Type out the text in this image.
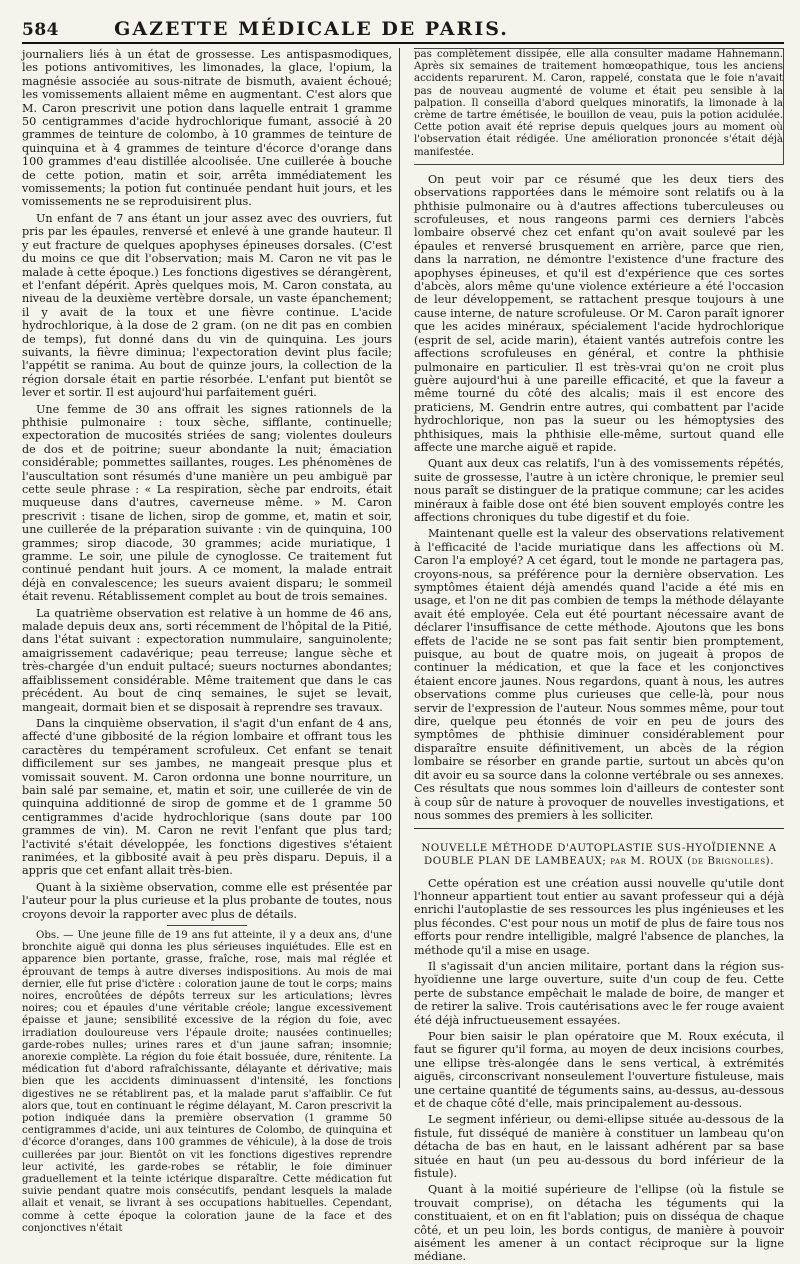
584	GAZETTE MÉDICALE DE PARIS.

journaliers liés à un état de grossesse. Les antispasmodiques, les potions antivomitives, les limonades, la glace, l'opium, la magnésie associée au sous-nitrate de bismuth, avaient échoué; les vomissements allaient même en augmentant. C'est alors que M. Caron prescrivit une potion dans laquelle entrait 1 gramme 50 centigrammes d'acide hydrochlorique fumant, associé à 20 grammes de teinture de colombo, à 10 grammes de teinture de quinquina et à 4 grammes de teinture d'écorce d'orange dans 100 grammes d'eau distillée alcoolisée. Une cuillerée à bouche de cette potion, matin et soir, arrêta immédiatement les vomissements; la potion fut continuée pendant huit jours, et les vomissements ne se reproduisirent plus.

Un enfant de 7 ans étant un jour assez avec des ouvriers, fut pris par les épaules, renversé et enlevé à une grande hauteur. Il y eut fracture de quelques apophyses épineuses dorsales. (C'est du moins ce que dit l'observation; mais M. Caron ne vit pas le malade à cette époque.) Les fonctions digestives se dérangèrent, et l'enfant dépérit. Après quelques mois, M. Caron constata, au niveau de la deuxième vertèbre dorsale, un vaste épanchement; il y avait de la toux et une fièvre continue. L'acide hydrochlorique, à la dose de 2 gram. (on ne dit pas en combien de temps), fut donné dans du vin de quinquina. Les jours suivants, la fièvre diminua; l'expectoration devint plus facile; l'appétit se ranima. Au bout de quinze jours, la collection de la région dorsale était en partie résorbée. L'enfant put bientôt se lever et sortir. Il est aujourd'hui parfaitement guéri.

Une femme de 30 ans offrait les signes rationnels de la phthisie pulmonaire : toux sèche, sifflante, continuelle; expectoration de mucosités striées de sang; violentes douleurs de dos et de poitrine; sueur abondante la nuit; émaciation considérable; pommettes saillantes, rouges. Les phénomènes de l'auscultation sont résumés d'une manière un peu ambiguë par cette seule phrase : « La respiration, sèche par endroits, était muqueuse dans d'autres, caverneuse même. » M. Caron prescrivit : tisane de lichen, sirop de gomme, et, matin et soir, une cuillerée de la préparation suivante : vin de quinquina, 100 grammes; sirop diacode, 30 grammes; acide muriatique, 1 gramme. Le soir, une pilule de cynoglosse. Ce traitement fut continué pendant huit jours. A ce moment, la malade entrait déjà en convalescence; les sueurs avaient disparu; le sommeil était revenu. Rétablissement complet au bout de trois semaines.

La quatrième observation est relative à un homme de 46 ans, malade depuis deux ans, sorti récemment de l'hôpital de la Pitié, dans l'état suivant : expectoration nummulaire, sanguinolente; amaigrissement cadavérique; peau terreuse; langue sèche et très-chargée d'un enduit pultacé; sueurs nocturnes abondantes; affaiblissement considérable. Même traitement que dans le cas précédent. Au bout de cinq semaines, le sujet se levait, mangeait, dormait bien et se disposait à reprendre ses travaux.

Dans la cinquième observation, il s'agit d'un enfant de 4 ans, affecté d'une gibbosité de la région lombaire et offrant tous les caractères du tempérament scrofuleux. Cet enfant se tenait difficilement sur ses jambes, ne mangeait presque plus et vomissait souvent. M. Caron ordonna une bonne nourriture, un bain salé par semaine, et, matin et soir, une cuillerée de vin de quinquina additionné de sirop de gomme et de 1 gramme 50 centigrammes d'acide hydrochlorique (sans doute par 100 grammes de vin). M. Caron ne revit l'enfant que plus tard; l'activité s'était développée, les fonctions digestives s'étaient ranimées, et la gibbosité avait à peu près disparu. Depuis, il a appris que cet enfant allait très-bien.

Quant à la sixième observation, comme elle est présentée par l'auteur pour la plus curieuse et la plus probante de toutes, nous croyons devoir la rapporter avec plus de détails.

Obs. — Une jeune fille de 19 ans fut atteinte, il y a deux ans, d'une bronchite aiguë qui donna les plus sérieuses inquiétudes. Elle est en apparence bien portante, grasse, fraîche, rose, mais mal réglée et éprouvant de temps à autre diverses indispositions. Au mois de mai dernier, elle fut prise d'ictère : coloration jaune de tout le corps; mains noires, encroûtées de dépôts terreux sur les articulations; lèvres noires; cou et épaules d'une véritable créole; langue excessivement épaisse et jaune; sensibilité excessive de la région du foie, avec irradiation douloureuse vers l'épaule droite; nausées continuelles; garde-robes nulles; urines rares et d'un jaune safran; insomnie; anorexie complète. La région du foie était bossuée, dure, rénitente. La médication fut d'abord rafraîchissante, délayante et dérivative; mais bien que les accidents diminuassent d'intensité, les fonctions digestives ne se rétablirent pas, et la malade parut s'affaiblir. Ce fut alors que, tout en continuant le régime délayant, M. Caron prescrivit la potion indiquée dans la première observation (1 gramme 50 centigrammes d'acide, uni aux teintures de Colombo, de quinquina et d'écorce d'oranges, dans 100 grammes de véhicule), à la dose de trois cuillerées par jour. Bientôt on vit les fonctions digestives reprendre leur activité, les garde-robes se rétablir, le foie diminuer graduellement et la teinte ictérique disparaître. Cette médication fut suivie pendant quatre mois consécutifs, pendant lesquels la malade allait et venait, se livrant à ses occupations habituelles. Cependant, comme à cette époque la coloration jaune de la face et des conjonctives n'était

pas complètement dissipée, elle alla consulter madame Hahnemann. Après six semaines de traitement homœopathique, tous les anciens accidents reparurent. M. Caron, rappelé, constata que le foie n'avait pas de nouveau augmenté de volume et était peu sensible à la palpation. Il conseilla d'abord quelques minoratifs, la limonade à la crème de tartre émétisée, le bouillon de veau, puis la potion acidulée. Cette potion avait été reprise depuis quelques jours au moment où l'observation était rédigée. Une amélioration prononcée s'était déjà manifestée.

On peut voir par ce résumé que les deux tiers des observations rapportées dans le mémoire sont relatifs ou à la phthisie pulmonaire ou à d'autres affections tuberculeuses ou scrofuleuses, et nous rangeons parmi ces derniers l'abcès lombaire observé chez cet enfant qu'on avait soulevé par les épaules et renversé brusquement en arrière, parce que rien, dans la narration, ne démontre l'existence d'une fracture des apophyses épineuses, et qu'il est d'expérience que ces sortes d'abcès, alors même qu'une violence extérieure a été l'occasion de leur développement, se rattachent presque toujours à une cause interne, de nature scrofuleuse. Or M. Caron paraît ignorer que les acides minéraux, spécialement l'acide hydrochlorique (esprit de sel, acide marin), étaient vantés autrefois contre les affections scrofuleuses en général, et contre la phthisie pulmonaire en particulier. Il est très-vrai qu'on ne croit plus guère aujourd'hui à une pareille efficacité, et que la faveur a même tourné du côté des alcalis; mais il est encore des praticiens, M. Gendrin entre autres, qui combattent par l'acide hydrochlorique, non pas la sueur ou les hémoptysies des phthisiques, mais la phthisie elle-même, surtout quand elle affecte une marche aiguë et rapide.

Quant aux deux cas relatifs, l'un à des vomissements répétés, suite de grossesse, l'autre à un ictère chronique, le premier seul nous paraît se distinguer de la pratique commune; car les acides minéraux à faible dose ont été bien souvent employés contre les affections chroniques du tube digestif et du foie.

Maintenant quelle est la valeur des observations relativement à l'efficacité de l'acide muriatique dans les affections où M. Caron l'a employé? A cet égard, tout le monde ne partagera pas, croyons-nous, sa préférence pour la dernière observation. Les symptômes étaient déjà amendés quand l'acide a été mis en usage, et l'on ne dit pas combien de temps la méthode délayante avait été employée. Cela eut été pourtant nécessaire avant de déclarer l'insuffisance de cette méthode. Ajoutons que les bons effets de l'acide ne se sont pas fait sentir bien promptement, puisque, au bout de quatre mois, on jugeait à propos de continuer la médication, et que la face et les conjonctives étaient encore jaunes. Nous regardons, quant à nous, les autres observations comme plus curieuses que celle-là, pour nous servir de l'expression de l'auteur. Nous sommes même, pour tout dire, quelque peu étonnés de voir en peu de jours des symptômes de phthisie diminuer considérablement pour disparaître ensuite définitivement, un abcès de la région lombaire se résorber en grande partie, surtout un abcès qu'on dit avoir eu sa source dans la colonne vertébrale ou ses annexes. Ces résultats que nous sommes loin d'ailleurs de contester sont à coup sûr de nature à provoquer de nouvelles investigations, et nous sommes des premiers à les solliciter.

NOUVELLE MÉTHODE D'AUTOPLASTIE SUS-HYOÏDIENNE A DOUBLE PLAN DE LAMBEAUX; par M. ROUX (de Brignolles).

Cette opération est une création aussi nouvelle qu'utile dont l'honneur appartient tout entier au savant professeur qui a déjà enrichi l'autoplastie de ses ressources les plus ingénieuses et les plus fécondes. C'est pour nous un motif de plus de faire tous nos efforts pour rendre intelligible, malgré l'absence de planches, la méthode qu'il a mise en usage.

Il s'agissait d'un ancien militaire, portant dans la région sus-hyoïdienne une large ouverture, suite d'un coup de feu. Cette perte de substance empêchait le malade de boire, de manger et de retirer la salive. Trois cautérisations avec le fer rouge avaient été déjà infructueusement essayées.

Pour bien saisir le plan opératoire que M. Roux exécuta, il faut se figurer qu'il forma, au moyen de deux incisions courbes, une ellipse très-alongée dans le sens vertical, à extrémités aiguës, circonscrivant nonseulement l'ouverture fistuleuse, mais une certaine quantité de téguments sains, au-dessus, au-dessous et de chaque côté d'elle, mais principalement au-dessous.

Le segment inférieur, ou demi-ellipse située au-dessous de la fistule, fut disséqué de manière à constituer un lambeau qu'on détacha de bas en haut, en le laissant adhérent par sa base située en haut (un peu au-dessous du bord inférieur de la fistule).

Quant à la moitié supérieure de l'ellipse (où la fistule se trouvait comprise), on détacha les téguments qui la constituaient, et on en fit l'ablation; puis on disséqua de chaque côté, et un peu loin, les bords contigus, de manière à pouvoir aisément les amener à un contact réciproque sur la ligne médiane.
